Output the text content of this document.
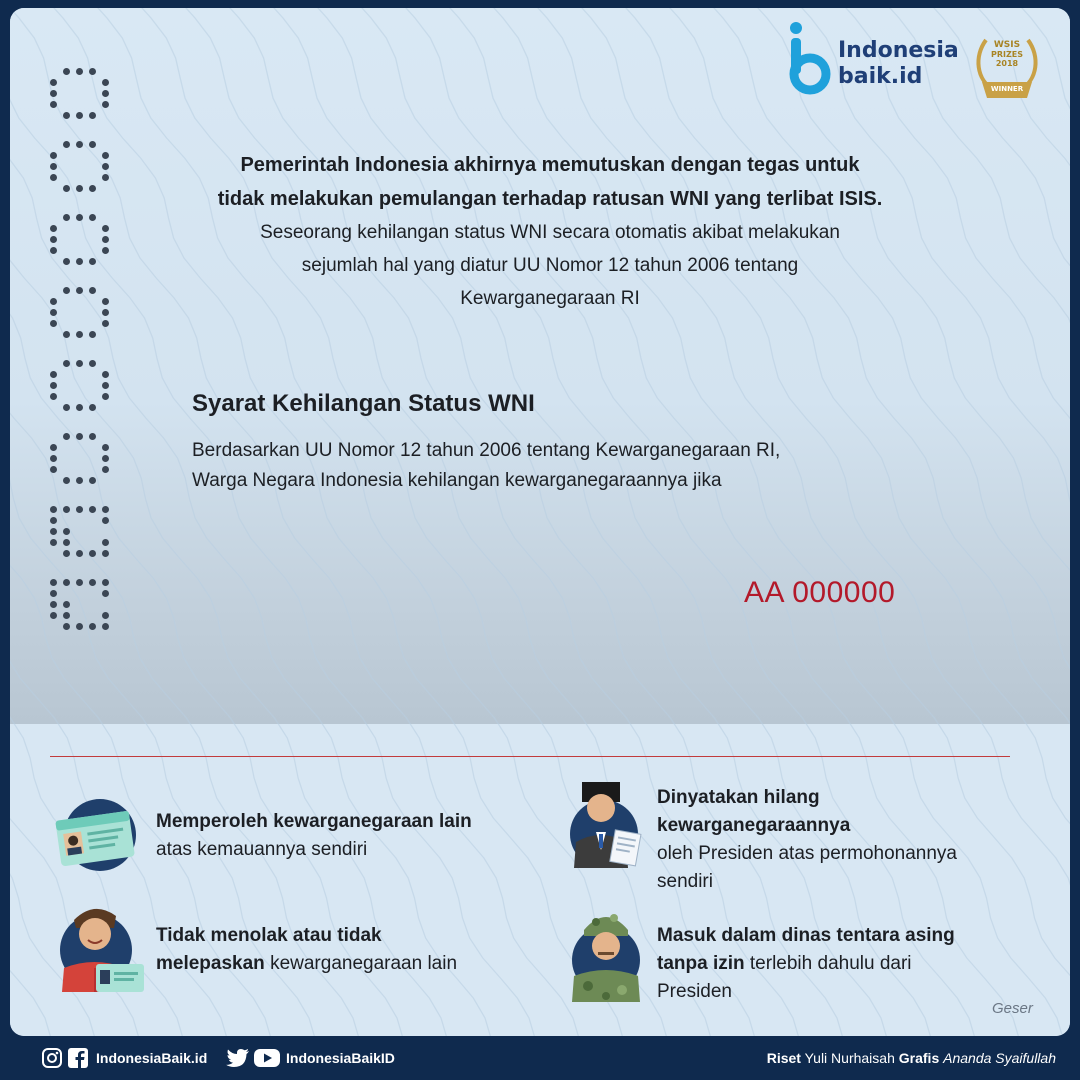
Indonesia
baik.id
WSIS
PRIZES
2018
WINNER
Pemerintah Indonesia akhirnya memutuskan dengan tegas untuk
tidak melakukan pemulangan terhadap ratusan WNI yang terlibat ISIS.
Seseorang kehilangan status WNI secara otomatis akibat melakukan
sejumlah hal yang diatur UU Nomor 12 tahun 2006 tentang
Kewarganegaraan RI
Syarat Kehilangan Status WNI
Berdasarkan UU Nomor 12 tahun 2006 tentang Kewarganegaraan RI,
Warga Negara Indonesia kehilangan kewarganegaraannya jika
AA 000000
Memperoleh kewarganegaraan lain
atas kemauannya sendiri
Dinyatakan hilang
kewarganegaraannya
oleh Presiden atas permohonannya
sendiri
Tidak menolak atau tidak
melepaskan kewarganegaraan lain
Masuk dalam dinas tentara asing
tanpa izin terlebih dahulu dari
Presiden
Geser
IndonesiaBaik.id	IndonesiaBaikID	Riset Yuli Nurhaisah Grafis Ananda Syaifullah
